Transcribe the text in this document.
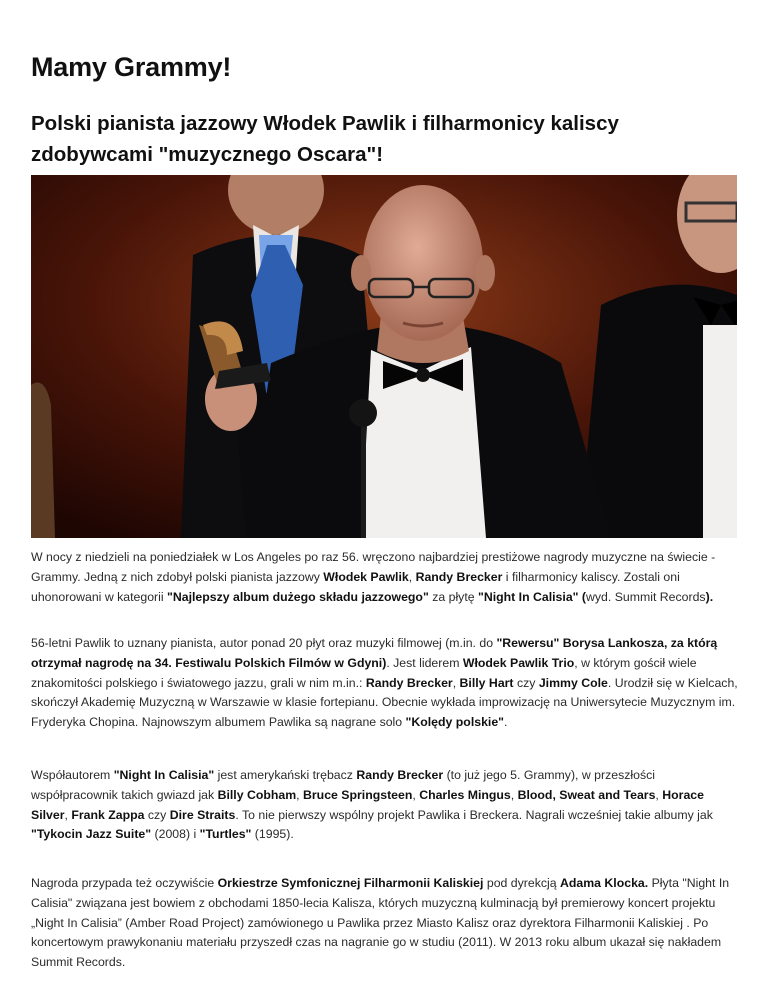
Mamy Grammy!
Polski pianista jazzowy Włodek Pawlik i filharmonicy kaliscy zdobywcami "muzycznego Oscara"!

W nocy z niedzieli na poniedziałek w Los Angeles po raz 56. wręczono najbardziej prestiżowe nagrody muzyczne na świecie - Grammy. Jedną z nich zdobył polski pianista jazzowy Włodek Pawlik, Randy Brecker i filharmonicy kaliscy. Zostali oni uhonorowani w kategorii "Najlepszy album dużego składu jazzowego" za płytę "Night In Calisia" (wyd. Summit Records).

56-letni Pawlik to uznany pianista, autor ponad 20 płyt oraz muzyki filmowej (m.in. do "Rewersu" Borysa Lankosza, za którą otrzymał nagrodę na 34. Festiwalu Polskich Filmów w Gdyni). Jest liderem Włodek Pawlik Trio, w którym gościł wiele znakomitości polskiego i światowego jazzu, grali w nim m.in.: Randy Brecker, Billy Hart czy Jimmy Cole. Urodził się w Kielcach, skończył Akademię Muzyczną w Warszawie w klasie fortepianu. Obecnie wykłada improwizację na Uniwersytecie Muzycznym im. Fryderyka Chopina. Najnowszym albumem Pawlika są nagrane solo "Kolędy polskie".

Współautorem "Night In Calisia" jest amerykański trębacz Randy Brecker (to już jego 5. Grammy), w przeszłości współpracownik takich gwiazd jak Billy Cobham, Bruce Springsteen, Charles Mingus, Blood, Sweat and Tears, Horace Silver, Frank Zappa czy Dire Straits. To nie pierwszy wspólny projekt Pawlika i Breckera. Nagrali wcześniej takie albumy jak "Tykocin Jazz Suite" (2008) i "Turtles" (1995).

Nagroda przypada też oczywiście Orkiestrze Symfonicznej Filharmonii Kaliskiej pod dyrekcją Adama Klocka. Płyta "Night In Calisia" związana jest bowiem z obchodami 1850-lecia Kalisza, których muzyczną kulminacją był premierowy koncert projektu „Night In Calisia” (Amber Road Project) zamówionego u Pawlika przez Miasto Kalisz oraz dyrektora Filharmonii Kaliskiej . Po koncertowym prawykonaniu materiału przyszedł czas na nagranie go w studiu (2011). W 2013 roku album ukazał się nakładem Summit Records.
